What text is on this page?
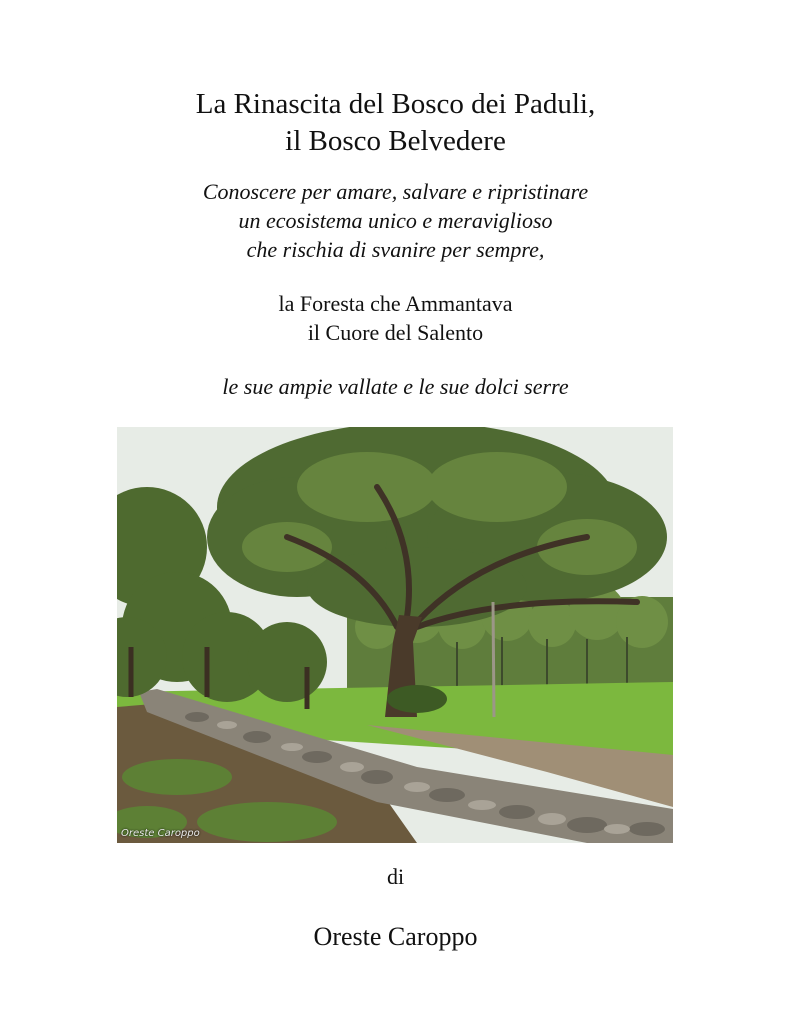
La Rinascita del Bosco dei Paduli,
il Bosco Belvedere
Conoscere per amare, salvare e ripristinare
un ecosistema unico e meraviglioso
che rischia di svanire per sempre,
la Foresta che Ammantava
il Cuore del Salento
le sue ampie vallate e le sue dolci serre
Oreste Caroppo
di
Oreste Caroppo
